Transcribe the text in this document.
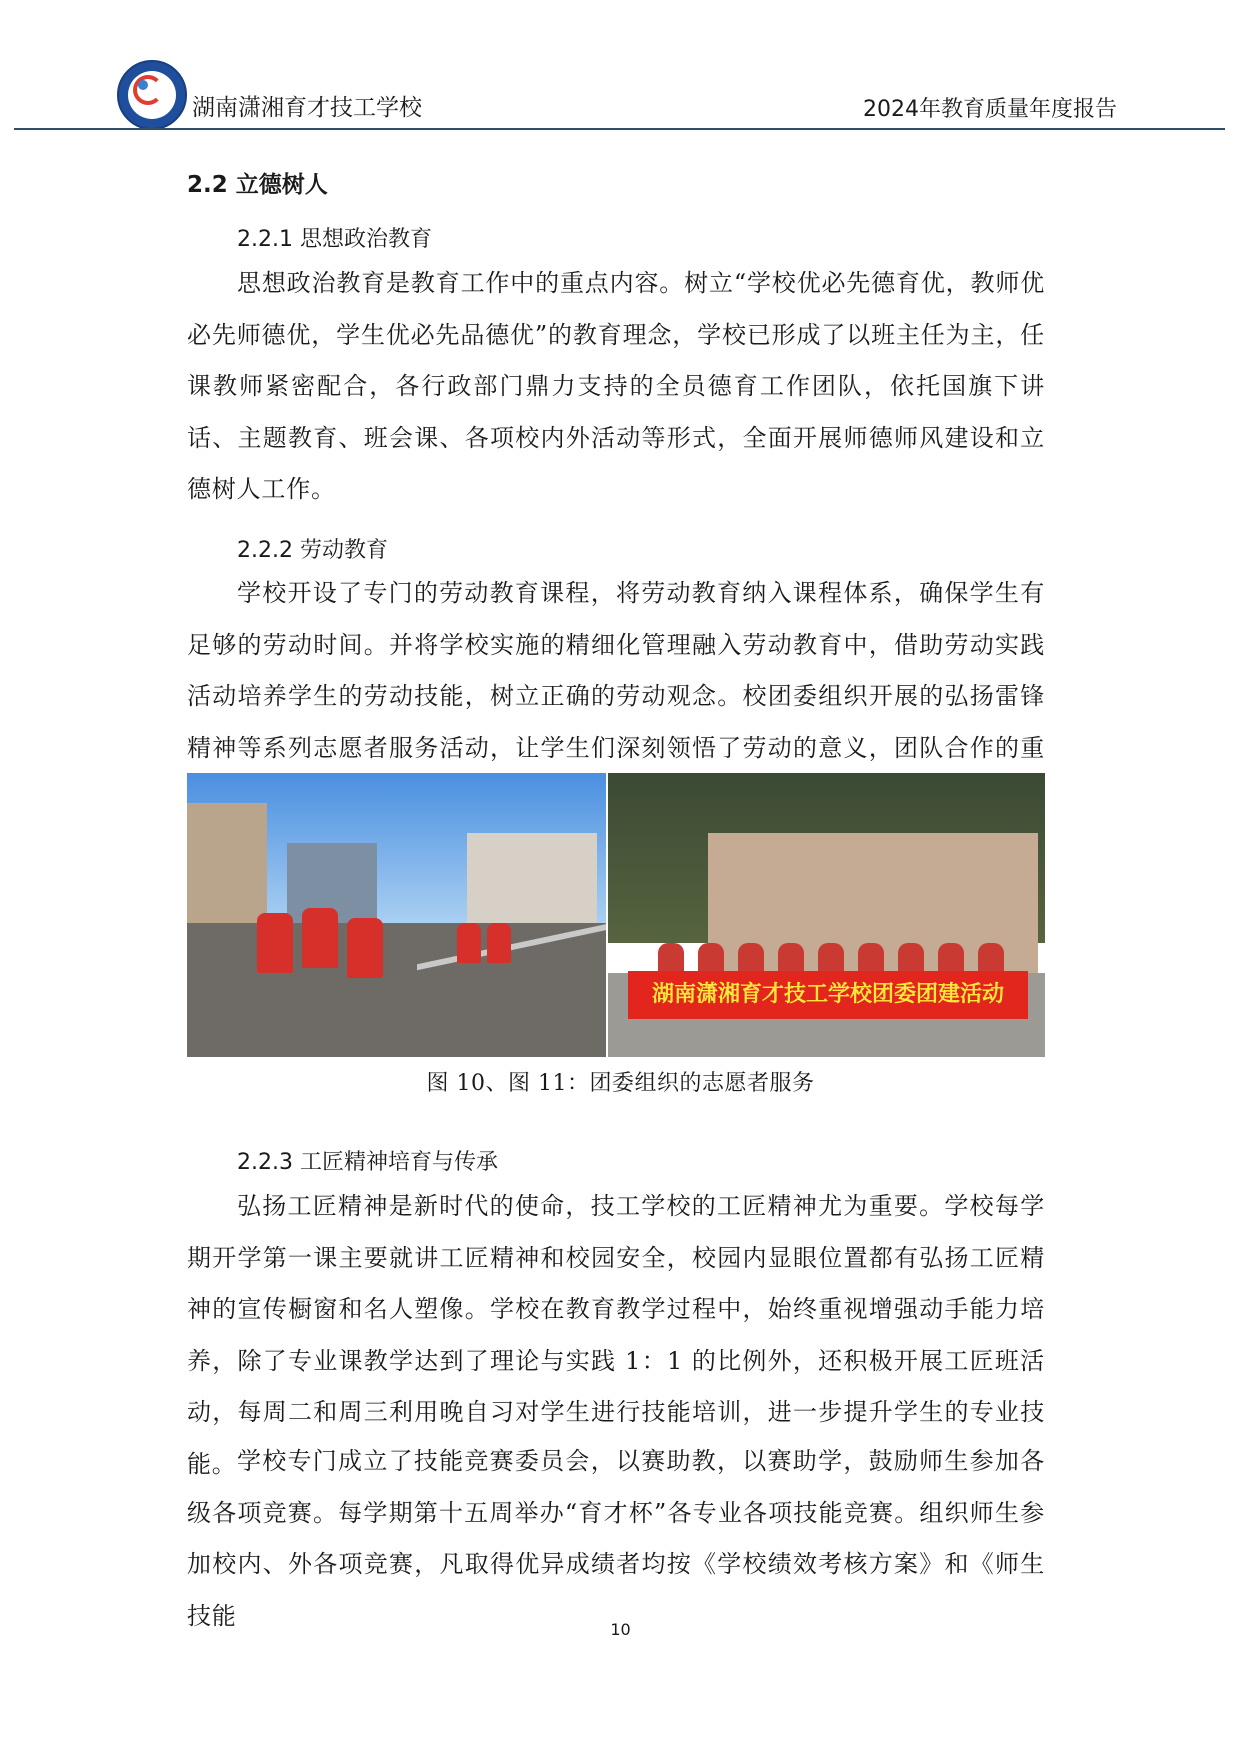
湖南潇湘育才技工学校	2024年教育质量年度报告
2.2 立德树人
2.2.1 思想政治教育

思想政治教育是教育工作中的重点内容。树立“学校优必先德育优，教师优必先师德优，学生优必先品德优”的教育理念，学校已形成了以班主任为主，任课教师紧密配合，各行政部门鼎力支持的全员德育工作团队，依托国旗下讲话、主题教育、班会课、各项校内外活动等形式，全面开展师德师风建设和立德树人工作。

2.2.2 劳动教育

学校开设了专门的劳动教育课程，将劳动教育纳入课程体系，确保学生有足够的劳动时间。并将学校实施的精细化管理融入劳动教育中，借助劳动实践活动培养学生的劳动技能，树立正确的劳动观念。校团委组织开展的弘扬雷锋精神等系列志愿者服务活动，让学生们深刻领悟了劳动的意义，团队合作的重

湖南潇湘育才技工学校团委团建活动
图 10、图 11：团委组织的志愿者服务
2.2.3 工匠精神培育与传承

弘扬工匠精神是新时代的使命，技工学校的工匠精神尤为重要。学校每学期开学第一课主要就讲工匠精神和校园安全，校园内显眼位置都有弘扬工匠精神的宣传橱窗和名人塑像。学校在教育教学过程中，始终重视增强动手能力培养，除了专业课教学达到了理论与实践 1：1 的比例外，还积极开展工匠班活动，每周二和周三利用晚自习对学生进行技能培训，进一步提升学生的专业技能。 学校专门成立了技能竞赛委员会，以赛助教，以赛助学，鼓励师生参加各级各项竞赛。每学期第十五周举办“育才杯”各专业各项技能竞赛。组织师生参加校内、外各项竞赛，凡取得优异成绩者均按《学校绩效考核方案》和《师生技能	10
